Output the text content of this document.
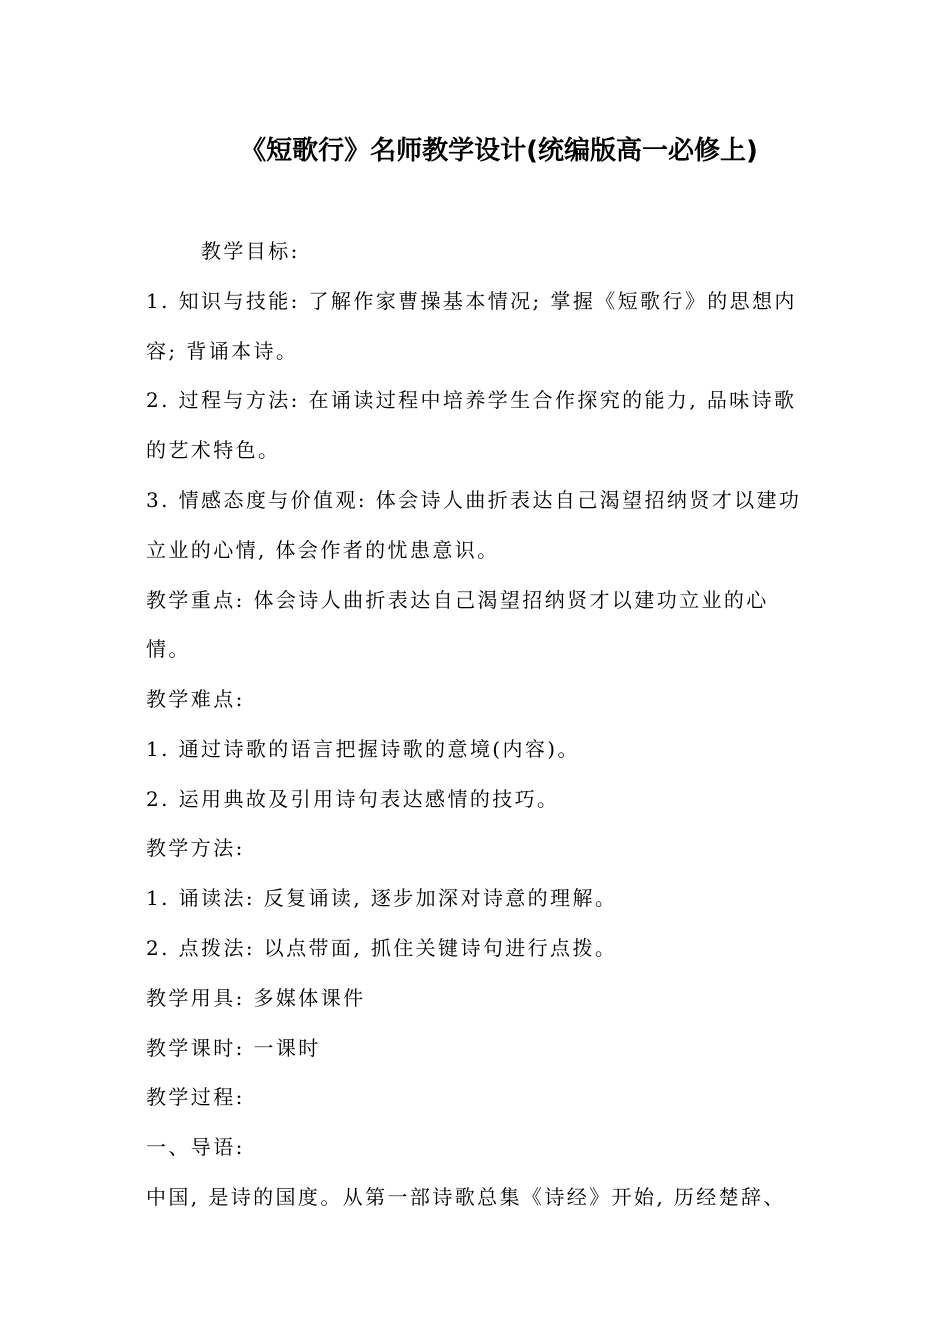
《短歌行》名师教学设计(统编版高一必修上)
教学目标:
1. 知识与技能: 了解作家曹操基本情况; 掌握《短歌行》的思想内
容; 背诵本诗。
2. 过程与方法: 在诵读过程中培养学生合作探究的能力, 品味诗歌
的艺术特色。
3. 情感态度与价值观: 体会诗人曲折表达自己渴望招纳贤才以建功
立业的心情, 体会作者的忧患意识。
教学重点: 体会诗人曲折表达自己渴望招纳贤才以建功立业的心
情。
教学难点:
1. 通过诗歌的语言把握诗歌的意境(内容)。
2. 运用典故及引用诗句表达感情的技巧。
教学方法:
1. 诵读法: 反复诵读, 逐步加深对诗意的理解。
2. 点拨法: 以点带面, 抓住关键诗句进行点拨。
教学用具: 多媒体课件
教学课时: 一课时
教学过程:
一、导语:
中国, 是诗的国度。从第一部诗歌总集《诗经》开始, 历经楚辞、
